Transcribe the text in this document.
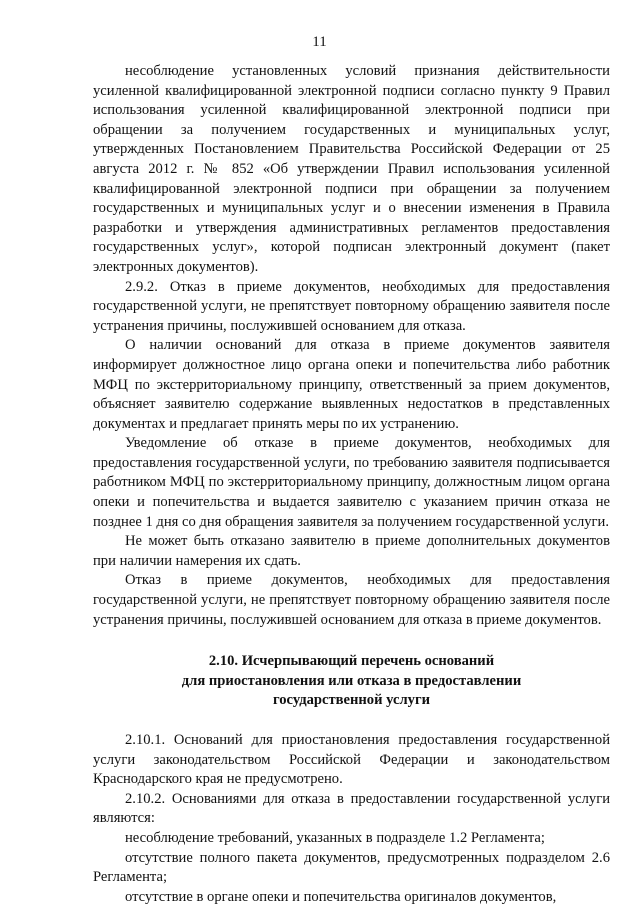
11

несоблюдение установленных условий признания действительности усиленной квалифицированной электронной подписи согласно пункту 9 Правил использования усиленной квалифицированной электронной подписи при обращении за получением государственных и муниципальных услуг, утвержденных Постановлением Правительства Российской Федерации от 25 августа 2012 г. № 852 «Об утверждении Правил использования усиленной квалифицированной электронной подписи при обращении за получением государственных и муниципальных услуг и о внесении изменения в Правила разработки и утверждения административных регламентов предоставления государственных услуг», которой подписан электронный документ (пакет электронных документов).

2.9.2. Отказ в приеме документов, необходимых для предоставления государственной услуги, не препятствует повторному обращению заявителя после устранения причины, послужившей основанием для отказа.

О наличии оснований для отказа в приеме документов заявителя информирует должностное лицо органа опеки и попечительства либо работник МФЦ по экстерриториальному принципу, ответственный за прием документов, объясняет заявителю содержание выявленных недостатков в представленных документах и предлагает принять меры по их устранению.

Уведомление об отказе в приеме документов, необходимых для предоставления государственной услуги, по требованию заявителя подписывается работником МФЦ по экстерриториальному принципу, должностным лицом органа опеки и попечительства и выдается заявителю с указанием причин отказа не позднее 1 дня со дня обращения заявителя за получением государственной услуги.

Не может быть отказано заявителю в приеме дополнительных документов при наличии намерения их сдать.

Отказ в приеме документов, необходимых для предоставления государственной услуги, не препятствует повторному обращению заявителя после устранения причины, послужившей основанием для отказа в приеме документов.

2.10. Исчерпывающий перечень оснований
для приостановления или отказа в предоставлении
государственной услуги

2.10.1. Оснований для приостановления предоставления государственной услуги законодательством Российской Федерации и законодательством Краснодарского края не предусмотрено.

2.10.2. Основаниями для отказа в предоставлении государственной услуги являются:

несоблюдение требований, указанных в подразделе 1.2 Регламента;

отсутствие полного пакета документов, предусмотренных подразделом 2.6 Регламента;

отсутствие в органе опеки и попечительства оригиналов документов,
